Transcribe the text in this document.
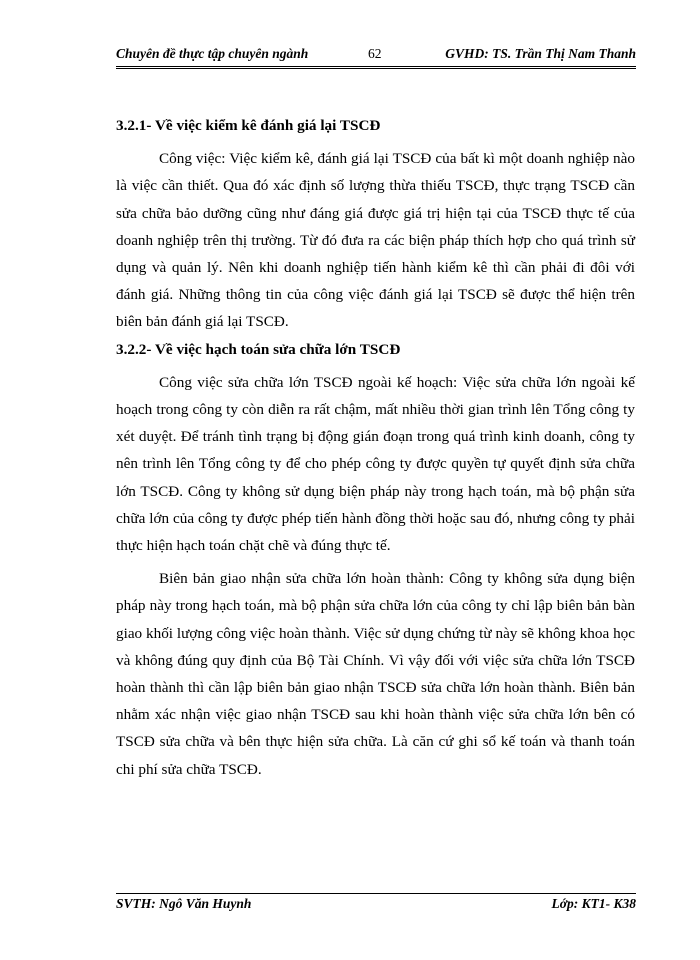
Chuyên đề thực tập chuyên ngành	62	GVHD: TS. Trần Thị Nam Thanh
3.2.1- Về việc kiểm kê đánh giá lại TSCĐ

Công việc: Việc kiểm kê, đánh giá lại TSCĐ của bất kì một doanh nghiệp nào là việc cần thiết. Qua đó xác định số lượng thừa thiếu TSCĐ, thực trạng TSCĐ cần sửa chữa bảo dưỡng cũng như đáng giá được giá trị hiện tại của TSCĐ thực tế của doanh nghiệp trên thị trường. Từ đó đưa ra các biện pháp thích hợp cho quá trình sử dụng và quản lý. Nên khi doanh nghiệp tiến hành kiểm kê thì cần phải đi đôi với đánh giá. Những thông tin của công việc đánh giá lại TSCĐ sẽ được thể hiện trên biên bản đánh giá lại TSCĐ.

3.2.2- Về việc hạch toán sửa chữa lớn TSCĐ

Công việc sửa chữa lớn TSCĐ ngoài kế hoạch: Việc sửa chữa lớn ngoài kế hoạch trong công ty còn diễn ra rất chậm, mất nhiều thời gian trình lên Tổng công ty xét duyệt. Để tránh tình trạng bị động gián đoạn trong quá trình kinh doanh, công ty nên trình lên Tổng công ty để cho phép công ty được quyền tự quyết định sửa chữa lớn TSCĐ. Công ty không sử dụng biện pháp này trong hạch toán, mà bộ phận sửa chữa lớn của công ty được phép tiến hành đồng thời hoặc sau đó, nhưng công ty phải thực hiện hạch toán chặt chẽ và đúng thực tế.

Biên bản giao nhận sửa chữa lớn hoàn thành: Công ty không sửa dụng biện pháp này trong hạch toán, mà bộ phận sửa chữa lớn của công ty chỉ lập biên bản bàn giao khối lượng công việc hoàn thành. Việc sử dụng chứng từ này sẽ không khoa học và không đúng quy định của Bộ Tài Chính. Vì vậy đối với việc sửa chữa lớn TSCĐ hoàn thành thì cần lập biên bản giao nhận TSCĐ sửa chữa lớn hoàn thành. Biên bản nhằm xác nhận việc giao nhận TSCĐ sau khi hoàn thành việc sửa chữa lớn bên có TSCĐ sửa chữa và bên thực hiện sửa chữa. Là căn cứ ghi sổ kế toán và thanh toán chi phí sửa chữa TSCĐ.

SVTH: Ngô Văn Huynh	Lớp: KT1- K38
